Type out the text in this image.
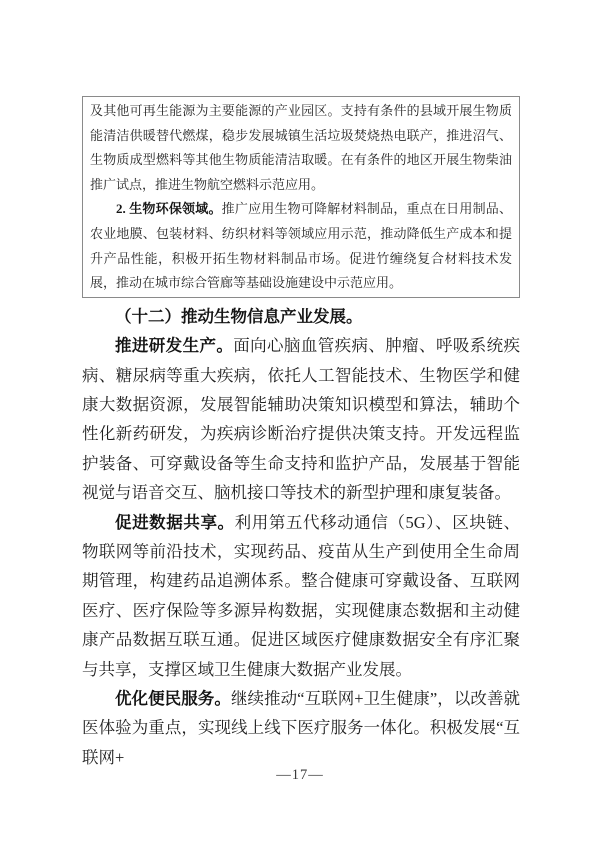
及其他可再生能源为主要能源的产业园区。支持有条件的县域开展生物质能清洁供暖替代燃煤，稳步发展城镇生活垃圾焚烧热电联产，推进沼气、生物质成型燃料等其他生物质能清洁取暖。在有条件的地区开展生物柴油推广试点，推进生物航空燃料示范应用。

2. 生物环保领域。推广应用生物可降解材料制品，重点在日用制品、农业地膜、包装材料、纺织材料等领域应用示范，推动降低生产成本和提升产品性能，积极开拓生物材料制品市场。促进竹缠绕复合材料技术发展，推动在城市综合管廊等基础设施建设中示范应用。

（十二）推动生物信息产业发展。

推进研发生产。面向心脑血管疾病、肿瘤、呼吸系统疾病、糖尿病等重大疾病，依托人工智能技术、生物医学和健康大数据资源，发展智能辅助决策知识模型和算法，辅助个性化新药研发，为疾病诊断治疗提供决策支持。开发远程监护装备、可穿戴设备等生命支持和监护产品，发展基于智能视觉与语音交互、脑机接口等技术的新型护理和康复装备。

促进数据共享。利用第五代移动通信（5G）、区块链、物联网等前沿技术，实现药品、疫苗从生产到使用全生命周期管理，构建药品追溯体系。整合健康可穿戴设备、互联网医疗、医疗保险等多源异构数据，实现健康态数据和主动健康产品数据互联互通。促进区域医疗健康数据安全有序汇聚与共享，支撑区域卫生健康大数据产业发展。

优化便民服务。继续推动“互联网+卫生健康”，以改善就医体验为重点，实现线上线下医疗服务一体化。积极发展“互联网+

—17—
